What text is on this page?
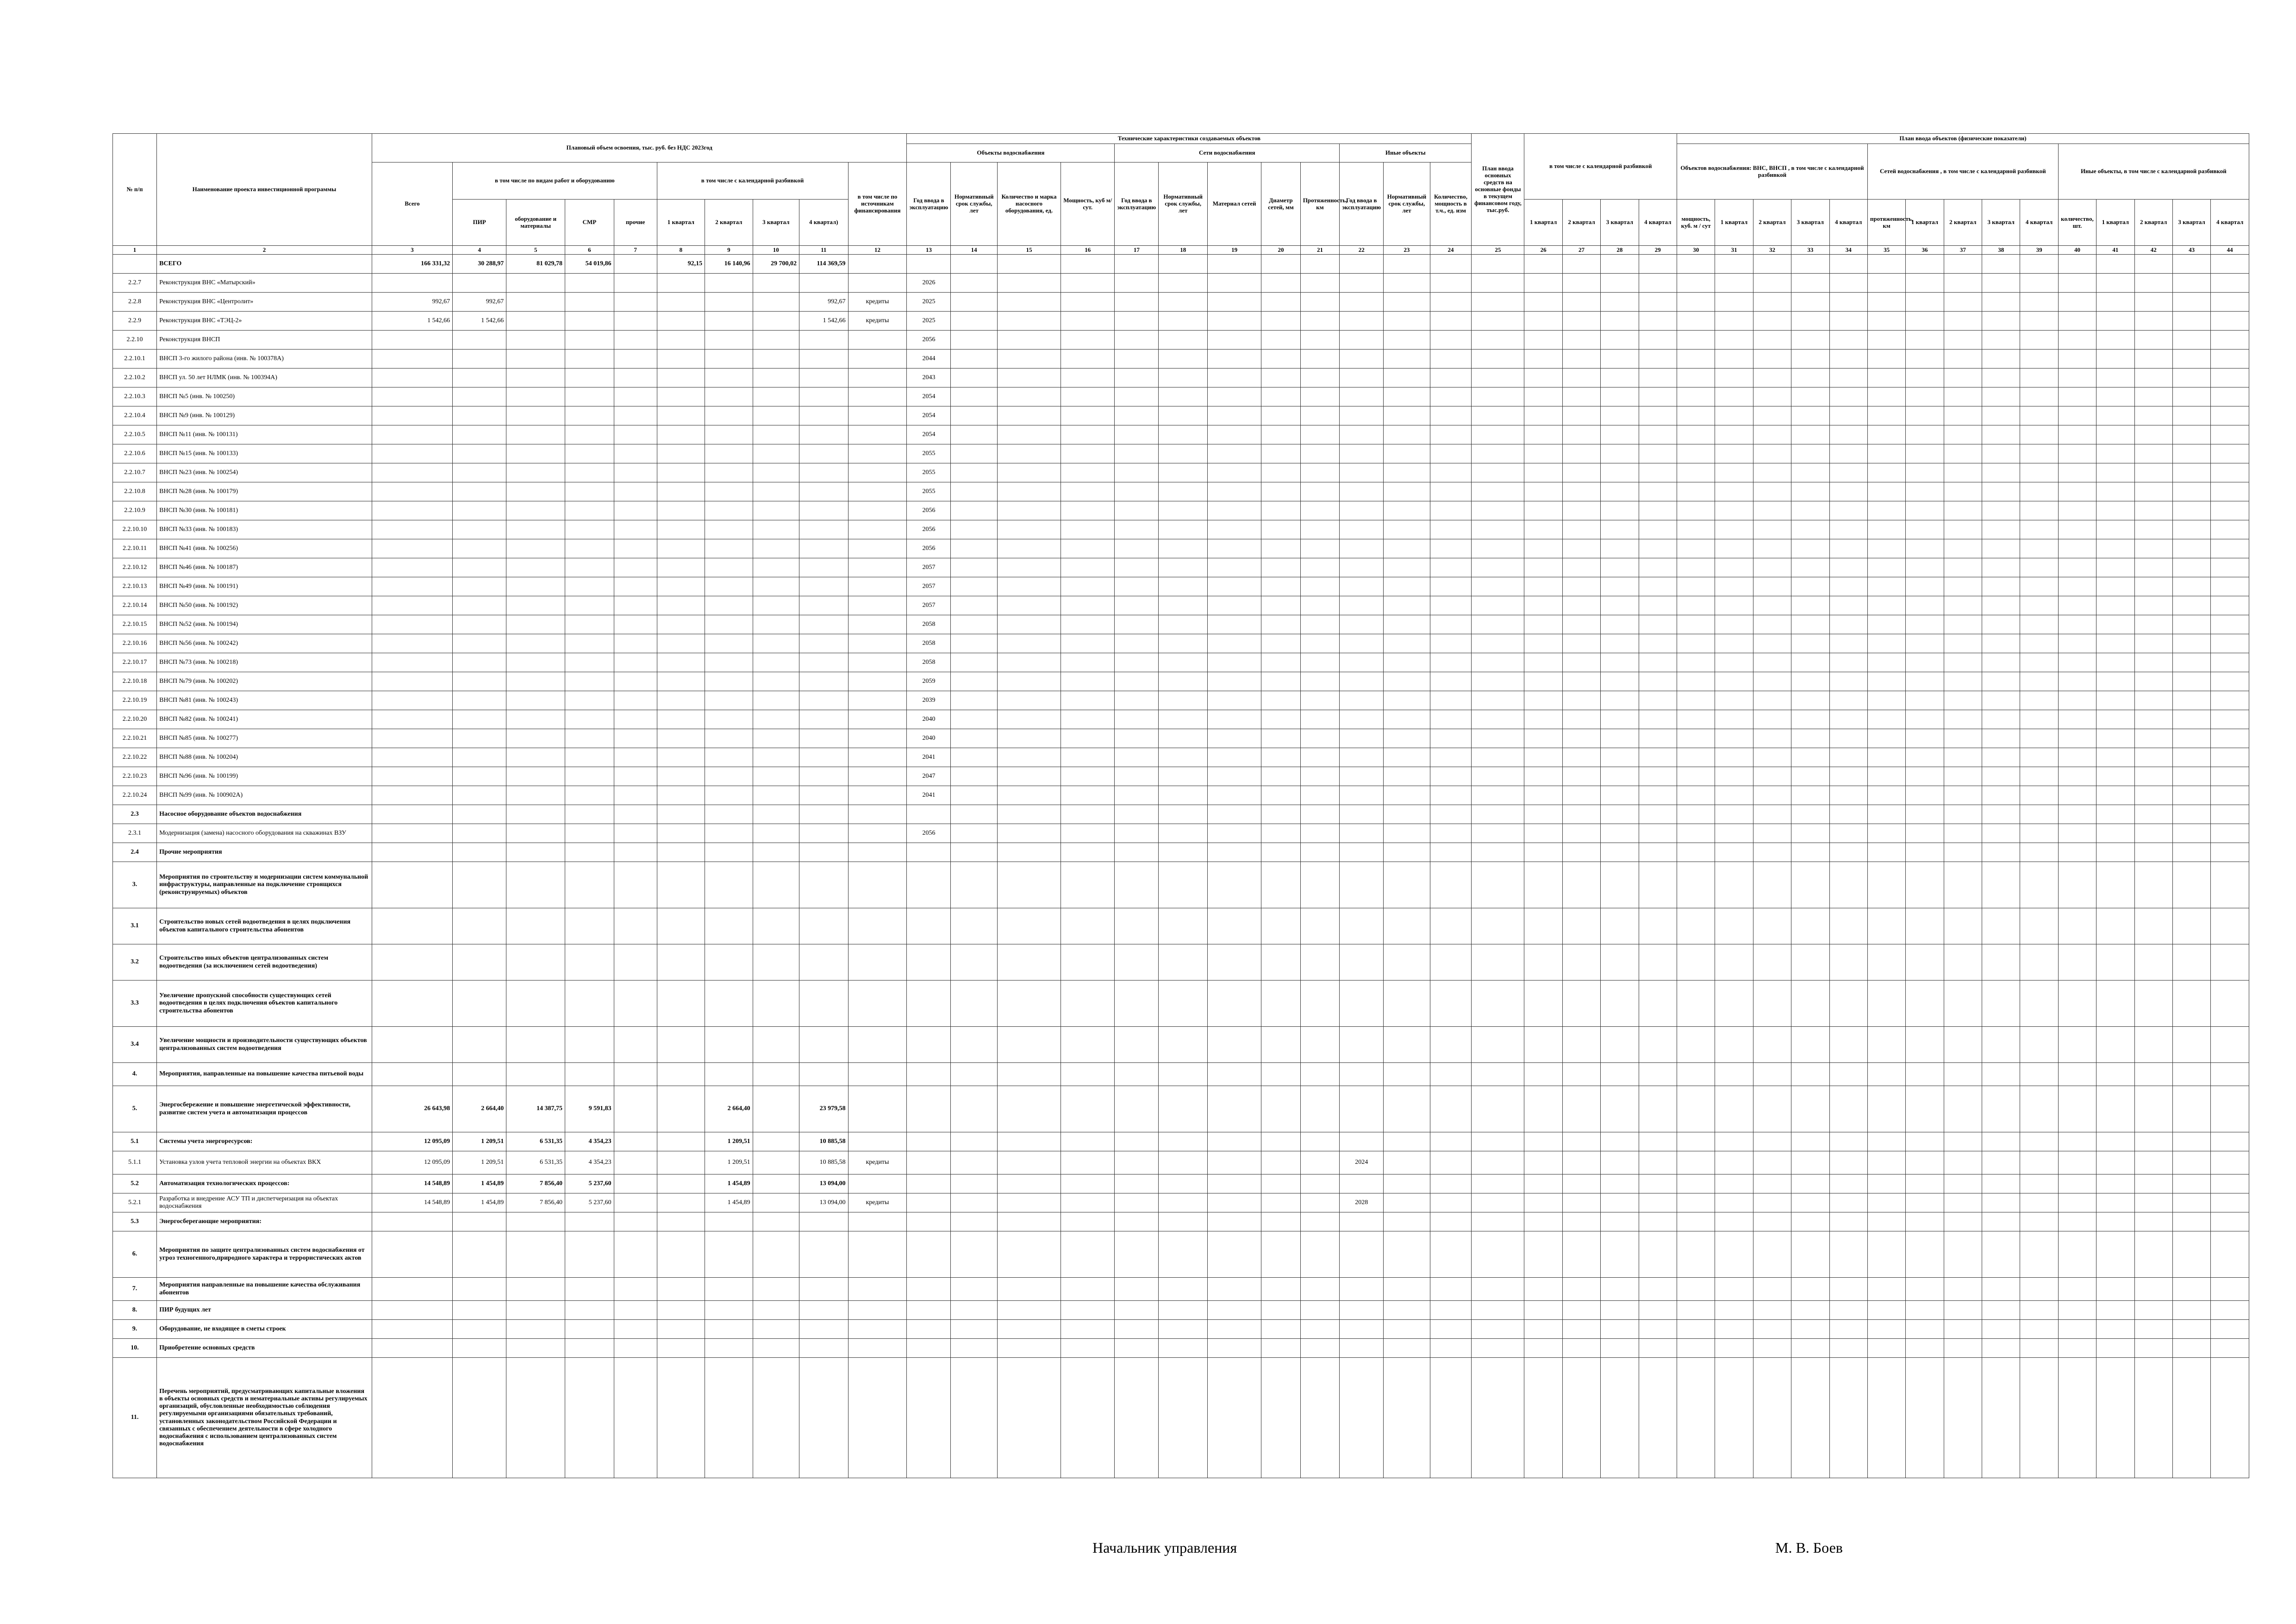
№ п/п	Наименование проекта инвестиционной программы	Плановый объем освоения, тыс. руб. без НДС 2023год										Технические характеристики создаваемых объектов												План ввода основных средств на основные фонды в текущем финансовом году, тыс.руб.	в том числе с календарной разбивкой				План ввода объектов (физические показатели)														
												Объекты водоснабжения				Сети водоснабжения					Иные объекты								Объектов водоснабжения: ВНС, ВНСП , в том числе с календарной разбивкой					Сетей водоснабжения , в том числе с календарной разбивкой					Иные объекты, в том числе с календарной разбивкой				
		Всего	в том числе по видам работ и оборудованию				в том числе с календарной разбивкой				в том числе по источникам финансирования	Год ввода в эксплуатацию	Нормативный срок службы, лет	Количество и марка насосного оборудования, ед.	Мощность, куб м/ сут.	Год ввода в эксплуатацию	Нормативный срок службы, лет	Материал сетей	Диаметр сетей, мм	Протяженность, км	Год ввода в эксплуатацию	Нормативный срок службы, лет	Количество, мощность в т.ч., ед. изм																				
			ПИР	оборудование и материалы	СМР	прочие	1 квартал	2 квартал	3 квартал	4 квартал)															1 квартал	2 квартал	3 квартал	4 квартал	мощность, куб. м / сут	1 квартал	2 квартал	3 квартал	4 квартал	протяженность, км	1 квартал	2 квартал	3 квартал	4 квартал	количество, шт.	1 квартал	2 квартал	3 квартал	4 квартал
1	2	3	4	5	6	7	8	9	10	11	12	13	14	15	16	17	18	19	20	21	22	23	24	25	26	27	28	29	30	31	32	33	34	35	36	37	38	39	40	41	42	43	44
	ВСЕГО	166 331,32	30 288,97	81 029,78	54 019,86		92,15	16 140,96	29 700,02	114 369,59																																	
2.2.7	Реконструкция ВНС «Матырский»											2026																															
2.2.8	Реконструкция ВНС «Центролит»	992,67	992,67							992,67	кредиты	2025																															
2.2.9	Реконструкция ВНС «ТЭЦ-2»	1 542,66	1 542,66							1 542,66	кредиты	2025																															
2.2.10	Реконструкция ВНСП											2056																															
2.2.10.1	ВНСП 3-го жилого района (инв. № 100378А)											2044																															
2.2.10.2	ВНСП ул. 50 лет НЛМК (инв. № 100394А)											2043																															
2.2.10.3	ВНСП №5 (инв. № 100250)											2054																															
2.2.10.4	ВНСП №9 (инв. № 100129)											2054																															
2.2.10.5	ВНСП №11 (инв. № 100131)											2054																															
2.2.10.6	ВНСП №15 (инв. № 100133)											2055																															
2.2.10.7	ВНСП №23 (инв. № 100254)											2055																															
2.2.10.8	ВНСП №28 (инв. № 100179)											2055																															
2.2.10.9	ВНСП №30 (инв. № 100181)											2056																															
2.2.10.10	ВНСП №33 (инв. № 100183)											2056																															
2.2.10.11	ВНСП №41 (инв. № 100256)											2056																															
2.2.10.12	ВНСП №46 (инв. № 100187)											2057																															
2.2.10.13	ВНСП №49 (инв. № 100191)											2057																															
2.2.10.14	ВНСП №50 (инв. № 100192)											2057																															
2.2.10.15	ВНСП №52 (инв. № 100194)											2058																															
2.2.10.16	ВНСП №56 (инв. № 100242)											2058																															
2.2.10.17	ВНСП №73 (инв. № 100218)											2058																															
2.2.10.18	ВНСП №79 (инв. № 100202)											2059																															
2.2.10.19	ВНСП №81 (инв. № 100243)											2039																															
2.2.10.20	ВНСП №82 (инв. № 100241)											2040																															
2.2.10.21	ВНСП №85 (инв. № 100277)											2040																															
2.2.10.22	ВНСП №88 (инв. № 100204)											2041																															
2.2.10.23	ВНСП №96 (инв. № 100199)											2047																															
2.2.10.24	ВНСП №99 (инв. № 100902А)											2041																															
2.3	Насосное оборудование объектов водоснабжения																																										
2.3.1	Модернизация (замена) насосного оборудования на скважинах ВЗУ											2056																															
2.4	Прочие мероприятия																																										
3.	Мероприятия по строительству и модернизации систем коммунальной инфраструктуры, направленные на подключение строящихся (реконструируемых) объектов																																										
3.1	Строительство новых сетей водоотведения в целях подключения объектов капитального строительства абонентов																																										
3.2	Строительство иных объектов централизованных систем водоотведения (за исключением сетей водоотведения)																																										
3.3	Увеличение пропускной способности существующих сетей водоотведения в целях подключения объектов капитального строительства абонентов																																										
3.4	Увеличение мощности и производительности существующих объектов централизованных систем водоотведения																																										
4.	Мероприятия, направленные на повышение качества питьевой воды																																										
5.	Энергосбережение и повышение энергетической эффективности, развитие систем учета и автоматизация процессов	26 643,98	2 664,40	14 387,75	9 591,83			2 664,40		23 979,58																																	
5.1	Системы учета энергоресурсов:	12 095,09	1 209,51	6 531,35	4 354,23			1 209,51		10 885,58																																	
5.1.1	Установка узлов учета тепловой энергии на объектах ВКХ	12 095,09	1 209,51	6 531,35	4 354,23			1 209,51		10 885,58	кредиты										2024																						
5.2	Автоматизация технологических процессов:	14 548,89	1 454,89	7 856,40	5 237,60			1 454,89		13 094,00																																	
5.2.1	Разработка и внедрение АСУ ТП и диспетчеризация на объектах водоснабжения	14 548,89	1 454,89	7 856,40	5 237,60			1 454,89		13 094,00	кредиты										2028																						
5.3	Энергосберегающие мероприятия:																																										
6.	Мероприятия по защите централизованных систем водоснабжения от угроз техногенного,природного характера и террористических актов																																										
7.	Мероприятия направленные на повышение качества обслуживания абонентов																																										
8.	ПИР будущих лет																																										
9.	Оборудование, не входящее в сметы строек																																										
10.	Приобретение основных средств																																										
11.	Перечень мероприятий, предусматривающих капитальные вложения в объекты основных средств и нематериальные активы регулируемых организаций, обусловленные необходимостью соблюдения регулируемыми организациями обязательных требований, установленных законодательством Российской Федерации и связанных с обеспечением деятельности в сфере холодного водоснабжения с использованием централизованных систем водоснабжения																																										
Начальник управления	М. В. Боев
